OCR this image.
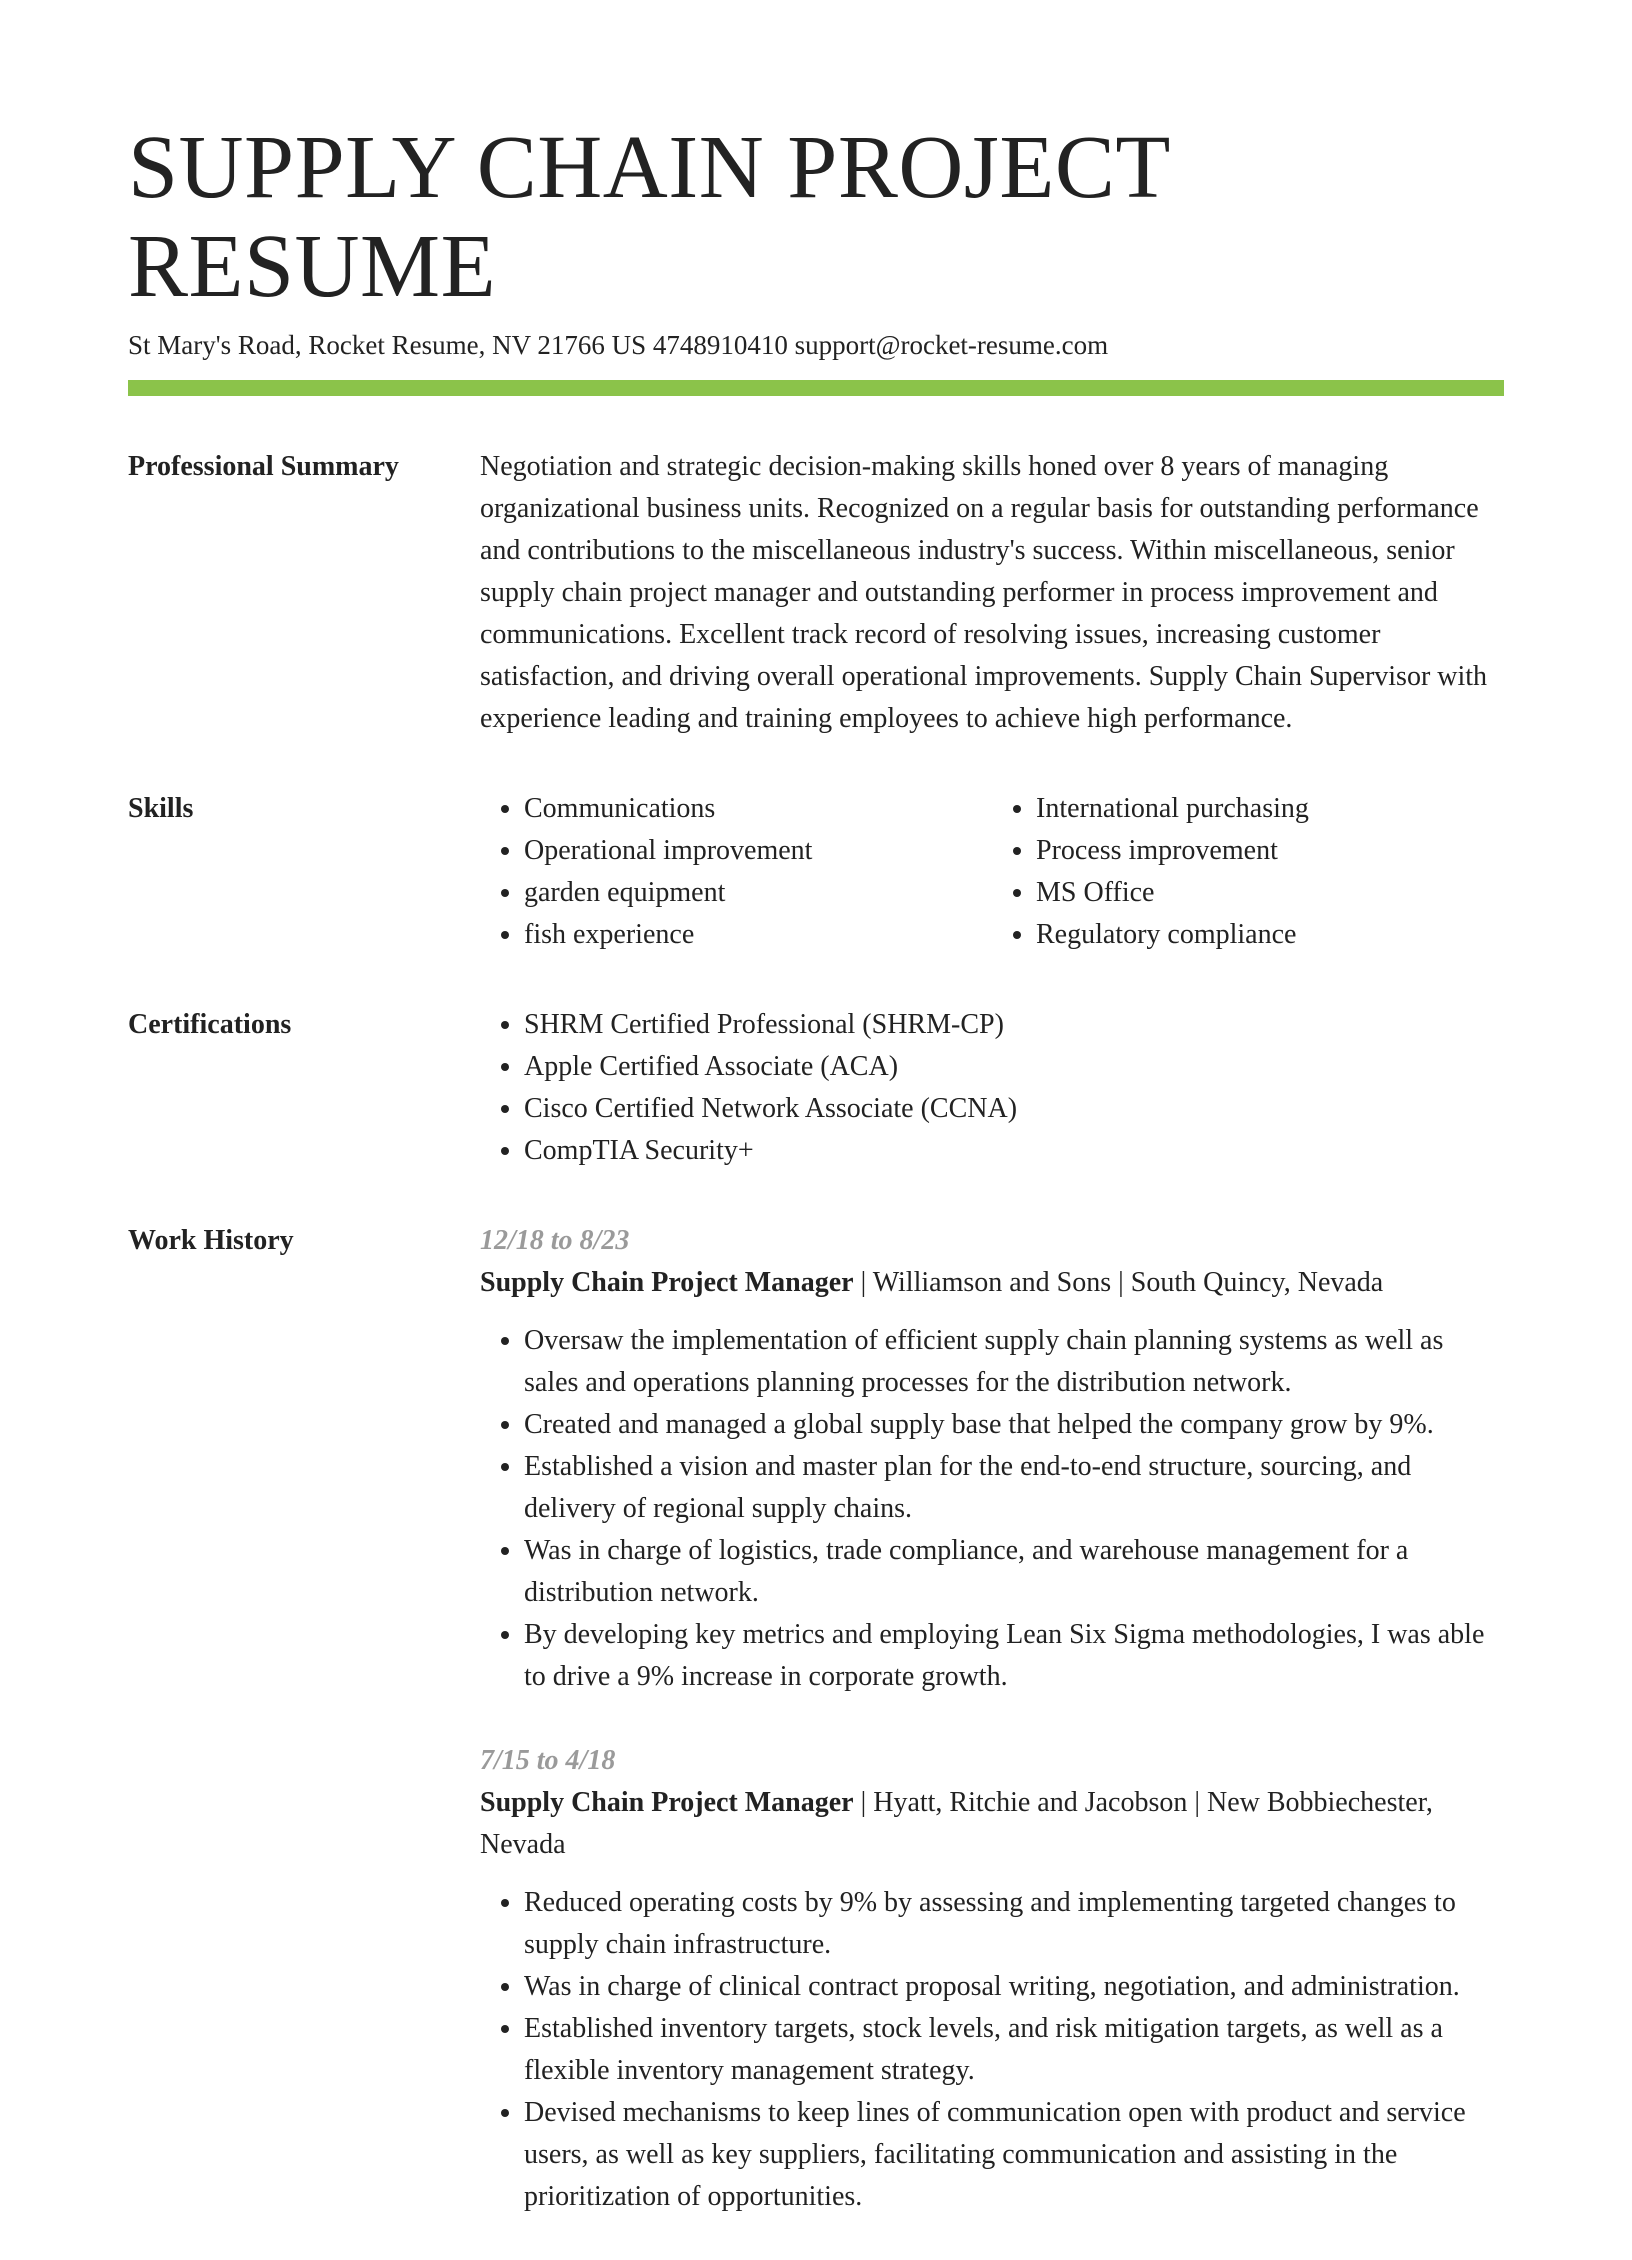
SUPPLY CHAIN PROJECT RESUME
St Mary's Road, Rocket Resume, NV 21766 US 4748910410 support@rocket-resume.com
Professional Summary	Negotiation and strategic decision-making skills honed over 8 years of managing organizational business units. Recognized on a regular basis for outstanding performance and contributions to the miscellaneous industry's success. Within miscellaneous, senior supply chain project manager and outstanding performer in process improvement and communications. Excellent track record of resolving issues, increasing customer satisfaction, and driving overall operational improvements. Supply Chain Supervisor with experience leading and training employees to achieve high performance.

Skills	• Communications
• Operational improvement
• garden equipment
• fish experience
• International purchasing
• Process improvement
• MS Office
• Regulatory compliance
Certifications	• SHRM Certified Professional (SHRM-CP)
• Apple Certified Associate (ACA)
• Cisco Certified Network Associate (CCNA)
• CompTIA Security+
Work History	12/18 to 8/23
Supply Chain Project Manager | Williamson and Sons | South Quincy, Nevada
• Oversaw the implementation of efficient supply chain planning systems as well as sales and operations planning processes for the distribution network.
• Created and managed a global supply base that helped the company grow by 9%.
• Established a vision and master plan for the end-to-end structure, sourcing, and delivery of regional supply chains.
• Was in charge of logistics, trade compliance, and warehouse management for a distribution network.
• By developing key metrics and employing Lean Six Sigma methodologies, I was able to drive a 9% increase in corporate growth.
7/15 to 4/18
Supply Chain Project Manager | Hyatt, Ritchie and Jacobson | New Bobbiechester, Nevada
• Reduced operating costs by 9% by assessing and implementing targeted changes to supply chain infrastructure.
• Was in charge of clinical contract proposal writing, negotiation, and administration.
• Established inventory targets, stock levels, and risk mitigation targets, as well as a flexible inventory management strategy.
• Devised mechanisms to keep lines of communication open with product and service users, as well as key suppliers, facilitating communication and assisting in the prioritization of opportunities.
